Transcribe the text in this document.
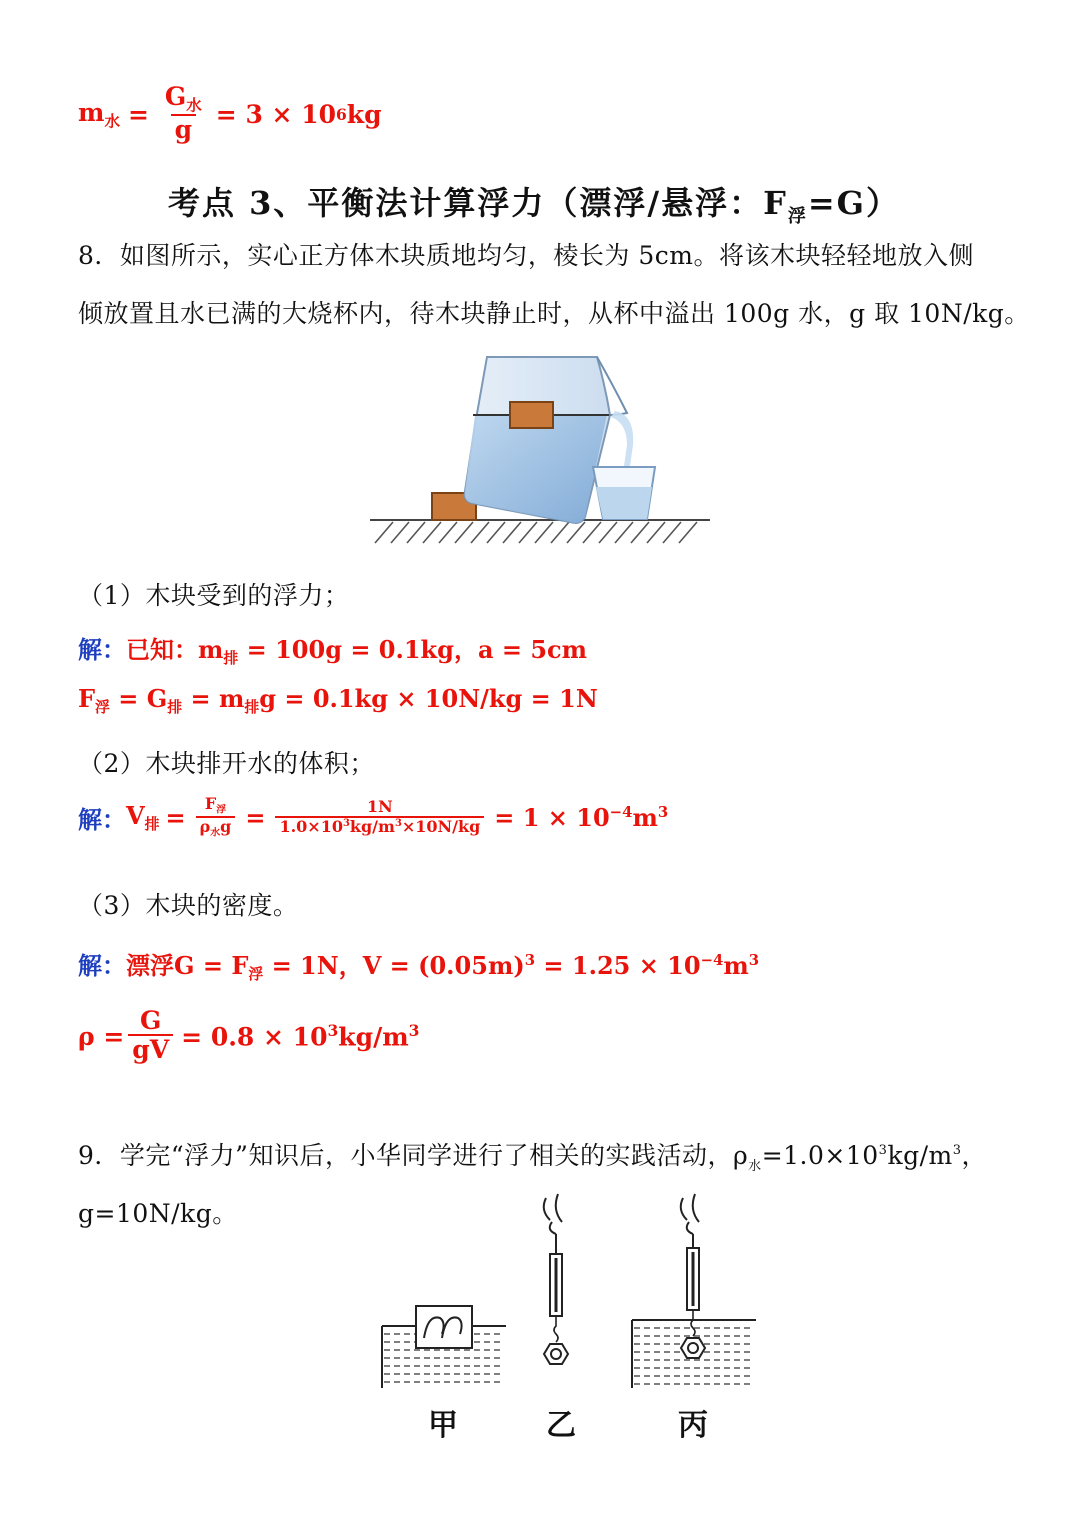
$m_水 = \frac{G_水}{g} = 3 \times 10$ 6 kg
考点 3、平衡法计算浮力（漂浮/悬浮：$F_浮=G$）
8．如图所示，实心正方体木块质地均匀，棱长为 5cm。将该木块轻轻地放入侧
倾放置且水已满的大烧杯内，待木块静止时，从杯中溢出 100g 水，g 取 10N/kg。
（1）木块受到的浮力；
解：已知：$m_排 = 100g = 0.1kg$，a = 5cm
$F_浮 = G_排 = m_排g = 0.1kg \times 10N/kg = 1N$
（2）木块排开水的体积；
解： $V_排 = \frac{F_浮}{\rho_水g} = \frac{1N}{1.0\times 10^3kg/m^3\times 10N/kg} = 1 \times 10^{-4}m^3$
（3）木块的密度。
解：漂浮$G = F_浮 = 1N$，$V = (0.05m)^3 = 1.25 \times 10^{-4}m^3$
$\rho = \frac{G}{gV} = 0.8 \times 10^3kg/m^3$
9．学完“浮力”知识后，小华同学进行了相关的实践活动，$\rho_水=1.0\times 10^3kg/m^3$，
g=10N/kg。
甲	乙	丙
